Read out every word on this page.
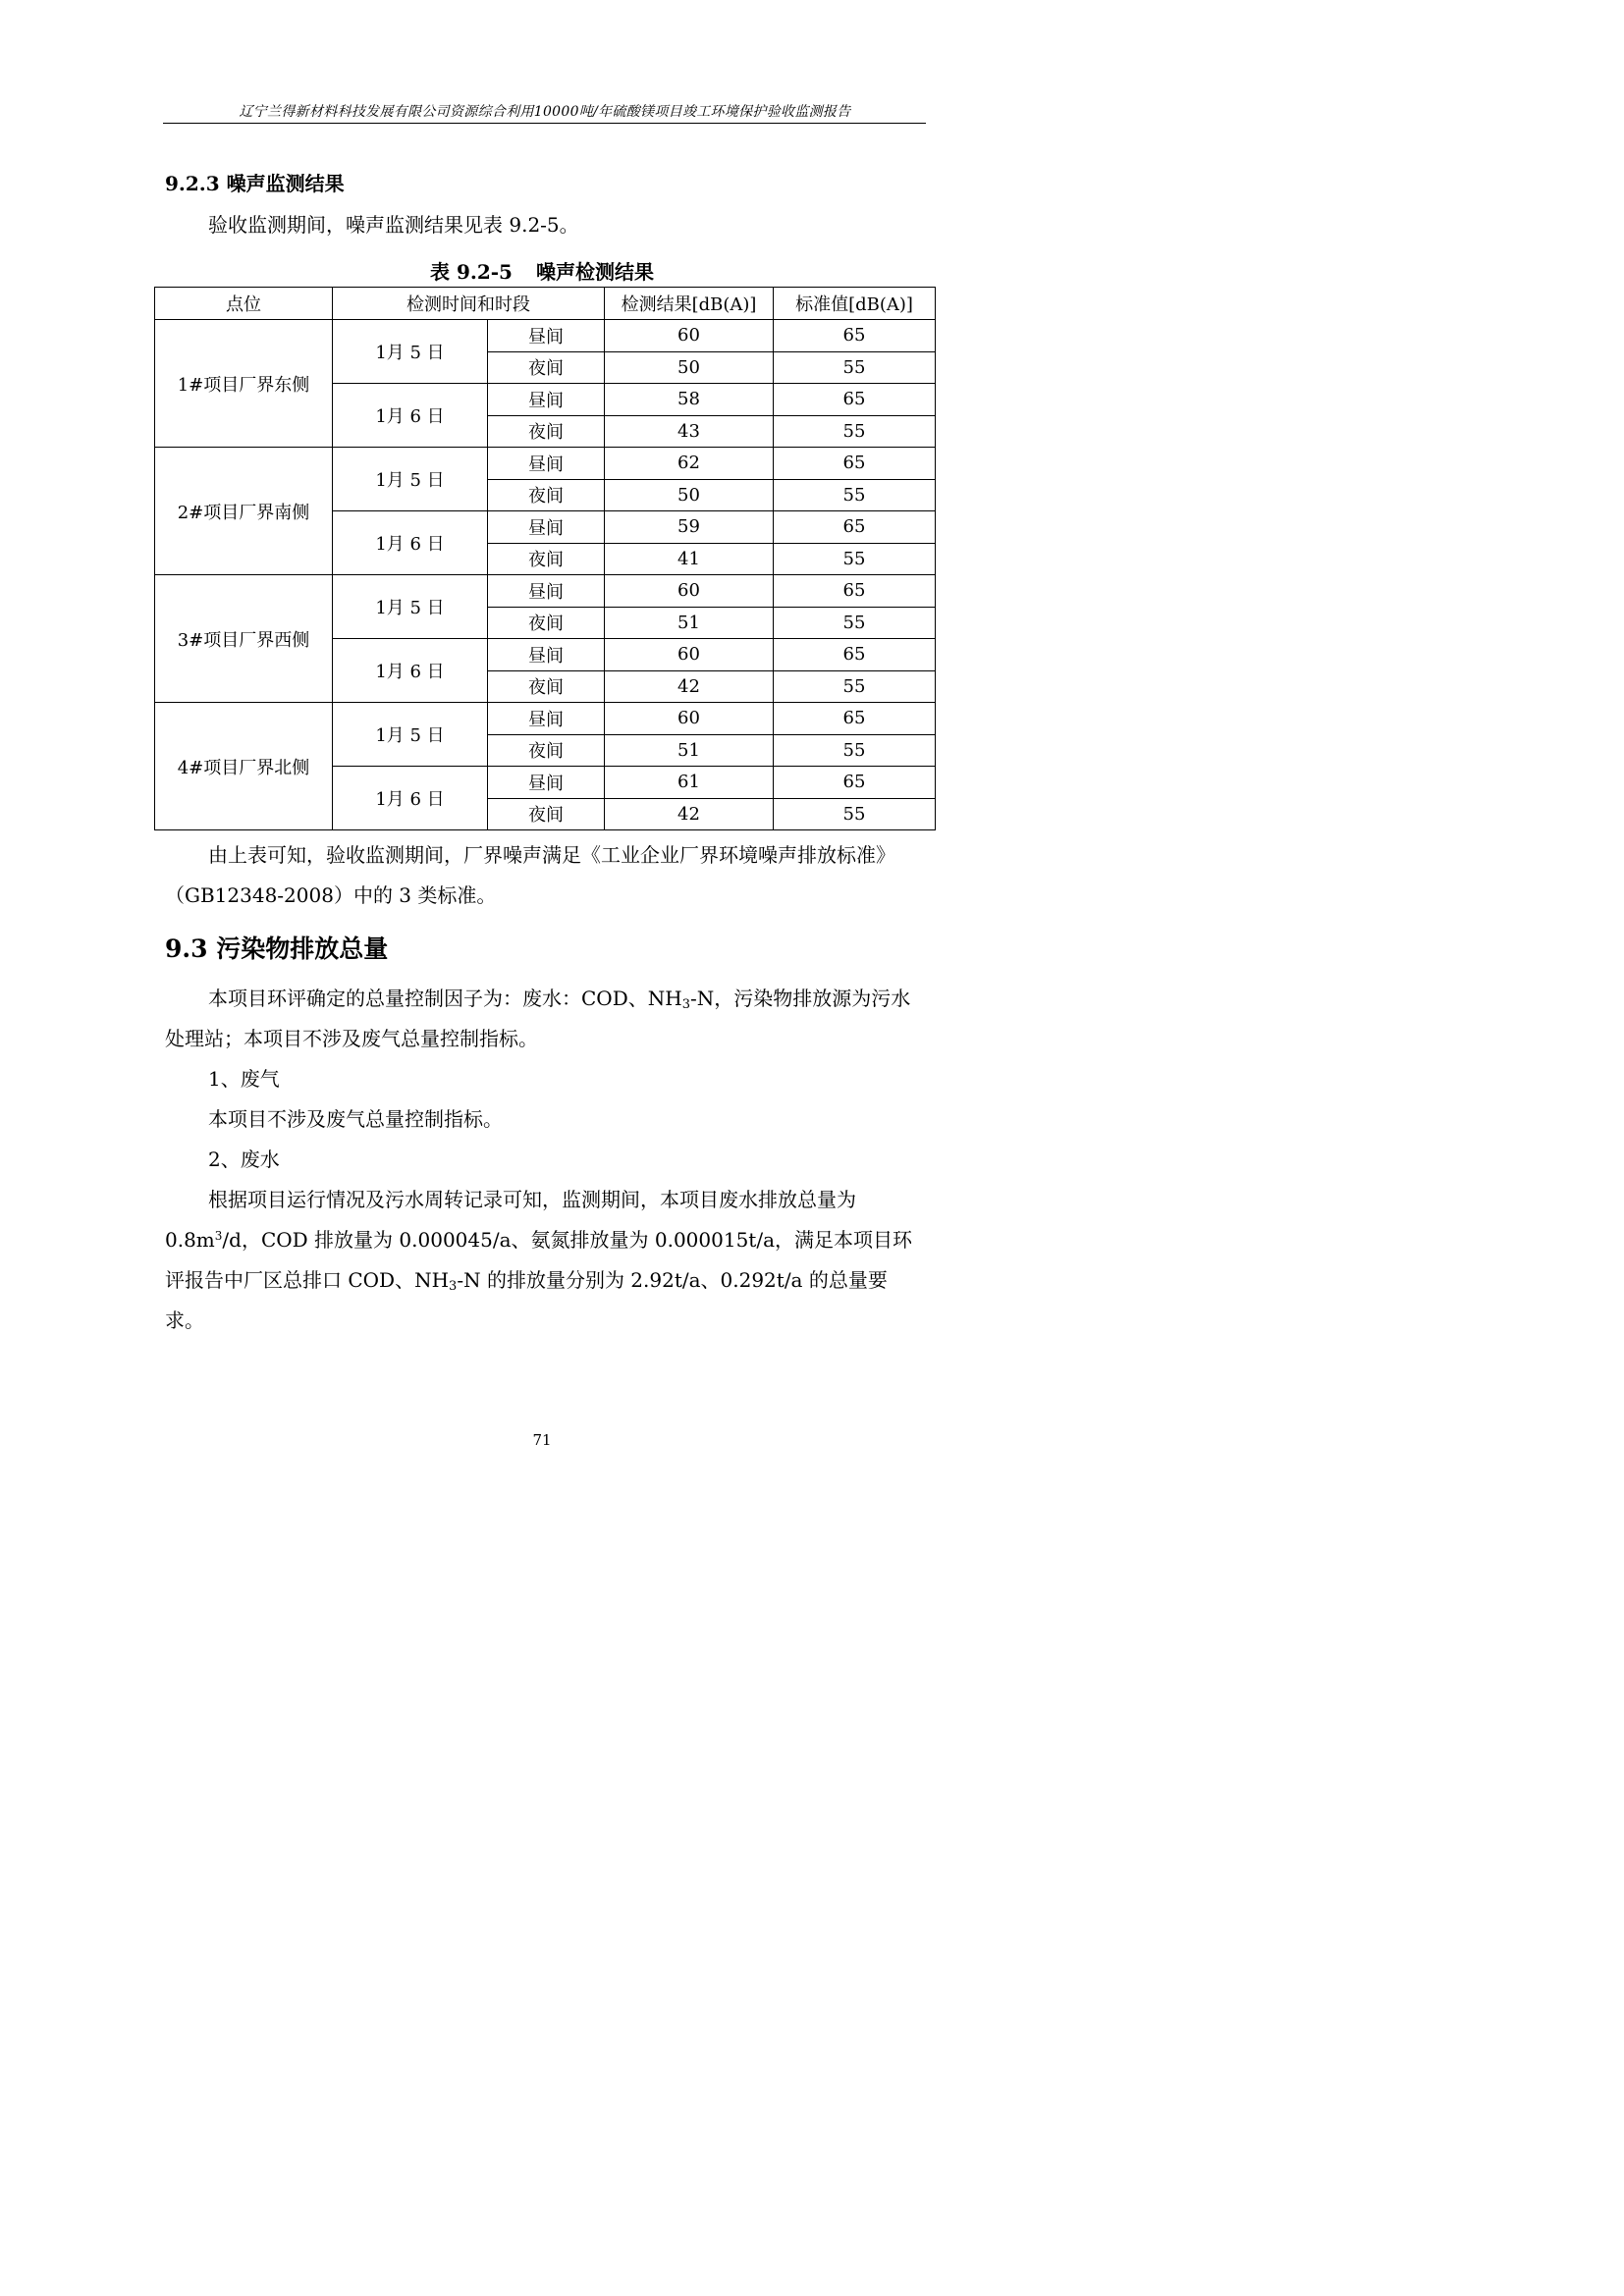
辽宁兰得新材料科技发展有限公司资源综合利用10000吨/年硫酸镁项目竣工环境保护验收监测报告
9.2.3 噪声监测结果
验收监测期间，噪声监测结果见表 9.2-5。
表 9.2-5 噪声检测结果
点位	检测时间和时段		检测结果[dB(A)]	标准值[dB(A)]
1#项目厂界东侧	1月 5 日	昼间	60	65
		夜间	50	55
	1月 6 日	昼间	58	65
		夜间	43	55
2#项目厂界南侧	1月 5 日	昼间	62	65
		夜间	50	55
	1月 6 日	昼间	59	65
		夜间	41	55
3#项目厂界西侧	1月 5 日	昼间	60	65
		夜间	51	55
	1月 6 日	昼间	60	65
		夜间	42	55
4#项目厂界北侧	1月 5 日	昼间	60	65
		夜间	51	55
	1月 6 日	昼间	61	65
		夜间	42	55
由上表可知，验收监测期间，厂界噪声满足《工业企业厂界环境噪声排放标准》（GB12348-2008）中的 3 类标准。
9.3 污染物排放总量
本项目环评确定的总量控制因子为：废水：COD、$NH_3-N$，污染物排放源为污水处理站；本项目不涉及废气总量控制指标。
1、废气
本项目不涉及废气总量控制指标。
2、废水
根据项目运行情况及污水周转记录可知，监测期间，本项目废水排放总量为 $0.8m^3/d$，COD 排放量为 0.000045/a、氨氮排放量为 0.000015t/a，满足本项目环评报告中厂区总排口 COD、$NH_3-N$ 的排放量分别为 2.92t/a、0.292t/a 的总量要求。
71
